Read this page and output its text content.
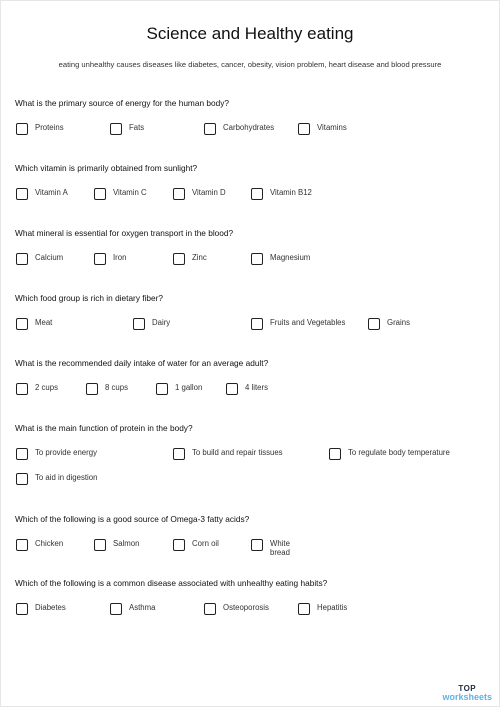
Science and Healthy eating
eating unhealthy causes diseases like diabetes, cancer, obesity, vision problem, heart disease and blood pressure
What is the primary source of energy for the human body?
Proteins	Fats	Carbohydrates	Vitamins
Which vitamin is primarily obtained from sunlight?
Vitamin A	Vitamin C	Vitamin D	Vitamin B12
What mineral is essential for oxygen transport in the blood?
Calcium	Iron	Zinc	Magnesium
Which food group is rich in dietary fiber?
Meat	Dairy	Fruits and Vegetables	Grains
What is the recommended daily intake of water for an average adult?
2 cups	8 cups	1 gallon	4 liters
What is the main function of protein in the body?
To provide energy	To build and repair tissues	To regulate body temperature
To aid in digestion
Which of the following is a good source of Omega-3 fatty acids?
Chicken	Salmon	Corn oil	White bread
Which of the following is a common disease associated with unhealthy eating habits?
Diabetes	Asthma	Osteoporosis	Hepatitis
TOP
worksheets
